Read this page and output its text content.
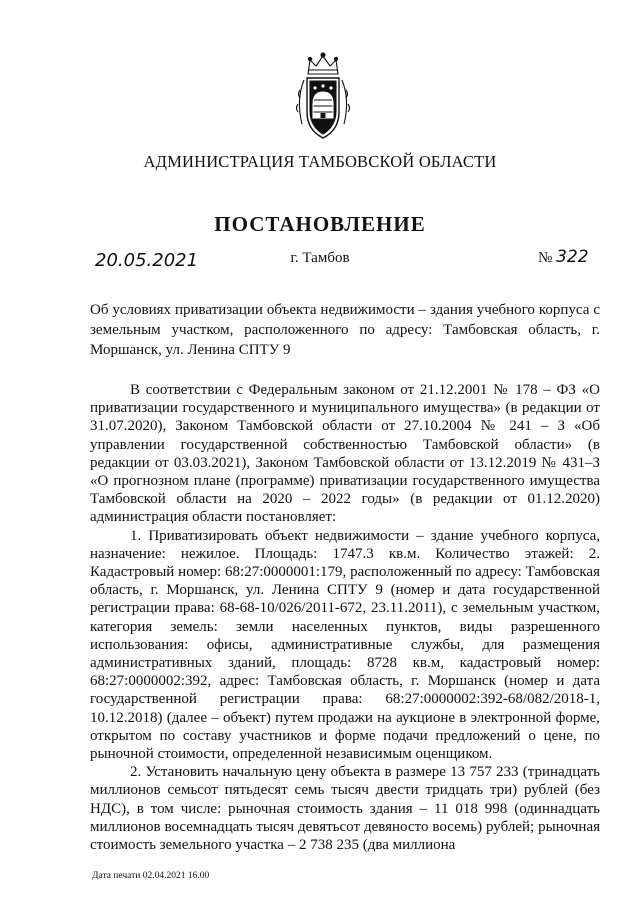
АДМИНИСТРАЦИЯ ТАМБОВСКОЙ ОБЛАСТИ
ПОСТАНОВЛЕНИЕ
20.05.2021	г. Тамбов	№ 322

Об условиях приватизации объекта недвижимости – здания учебного корпуса с земельным участком, расположенного по адресу: Тамбовская область, г. Моршанск, ул. Ленина СПТУ 9

В соответствии с Федеральным законом от 21.12.2001 № 178 – ФЗ «О приватизации государственного и муниципального имущества» (в редакции от 31.07.2020), Законом Тамбовской области от 27.10.2004 № 241 – З «Об управлении государственной собственностью Тамбовской области» (в редакции от 03.03.2021), Законом Тамбовской области от 13.12.2019 № 431–З «О прогнозном плане (программе) приватизации государственного имущества Тамбовской области на 2020 – 2022 годы» (в редакции от 01.12.2020) администрация области постановляет:

1. Приватизировать объект недвижимости – здание учебного корпуса, назначение: нежилое. Площадь: 1747.3 кв.м. Количество этажей: 2. Кадастровый номер: 68:27:0000001:179, расположенный по адресу: Тамбовская область, г. Моршанск, ул. Ленина СПТУ 9 (номер и дата государственной регистрации права: 68-68-10/026/2011-672, 23.11.2011), с земельным участком, категория земель: земли населенных пунктов, виды разрешенного использования: офисы, административные службы, для размещения административных зданий, площадь: 8728 кв.м, кадастровый номер: 68:27:0000002:392, адрес: Тамбовская область, г. Моршанск (номер и дата государственной регистрации права: 68:27:0000002:392-68/082/2018-1, 10.12.2018) (далее – объект) путем продажи на аукционе в электронной форме, открытом по составу участников и форме подачи предложений о цене, по рыночной стоимости, определенной независимым оценщиком.

2. Установить начальную цену объекта в размере 13 757 233 (тринадцать миллионов семьсот пятьдесят семь тысяч двести тридцать три) рублей (без НДС), в том числе: рыночная стоимость здания – 11 018 998 (одиннадцать миллионов восемнадцать тысяч девятьсот девяносто восемь) рублей; рыночная стоимость земельного участка – 2 738 235 (два миллиона

Дата печати 02.04.2021 16.00
